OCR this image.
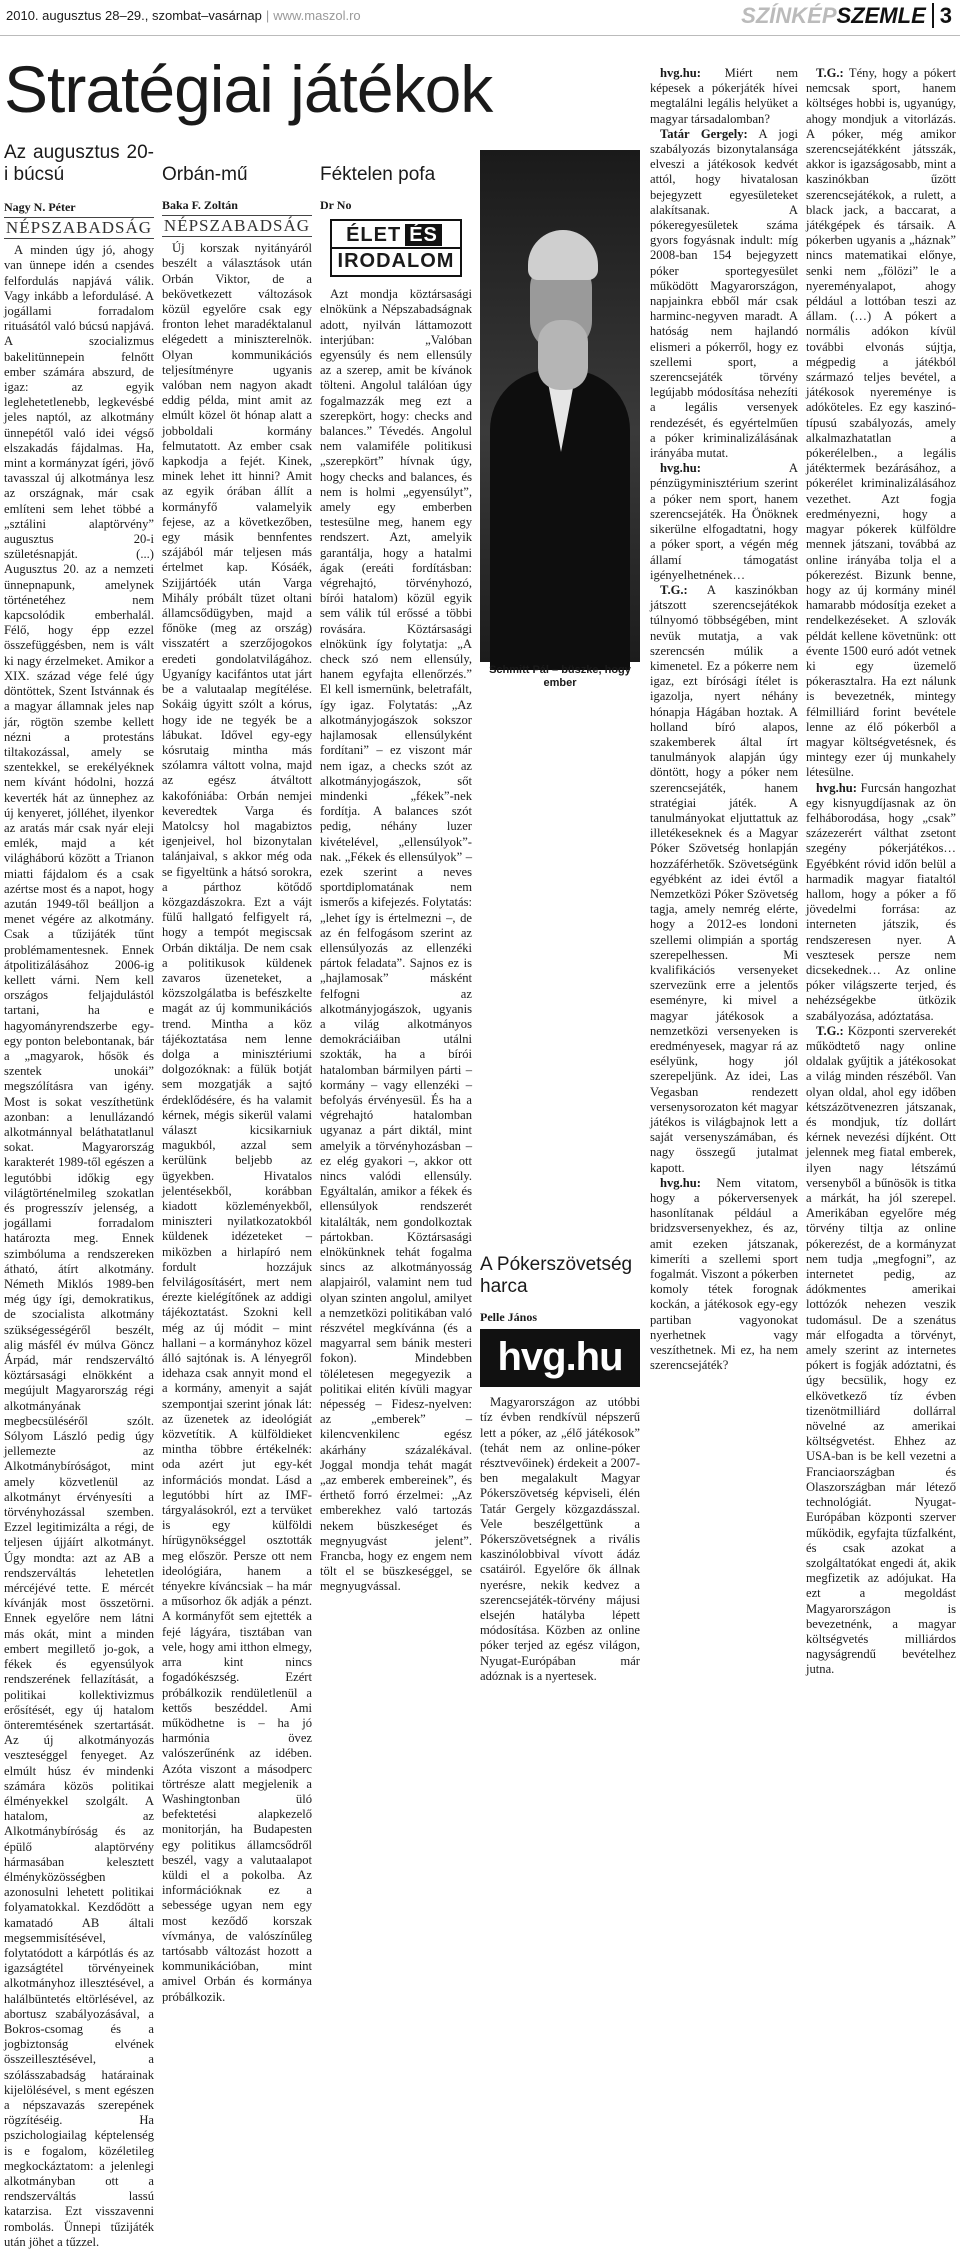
2010. augusztus 28–29., szombat–vasárnap | www.maszol.ro	SZÍNKÉPSZEMLE 3
Stratégiai játékok
Az augusztus 20-i búcsú
Nagy N. Péter
NÉPSZABADSÁG

A minden úgy jó, ahogy van ünnepe idén a csendes felfordulás napjává válik. Vagy inkább a lefordulásé. A jogállami forradalom rituásától való búcsú napjává. A szocializmus bakelitünnepein felnőtt ember számára abszurd, de igaz: az egyik leglehetetlenebb, legkevésbé jeles naptól, az alkotmány ünnepétől való idei végső elszakadás fájdalmas. Ha, mint a kormányzat ígéri, jövő tavasszal új alkotmánya lesz az országnak, már csak említeni sem lehet többé a „sztálini alaptörvény” augusztus 20-i születésnapját. (...) Augusztus 20. az a nemzeti ünnepnapunk, amelynek történetéhez nem kapcsolódik emberhalál. Félő, hogy épp ezzel összefüggésben, nem is vált ki nagy érzelmeket. Amikor a XIX. század vége felé úgy döntöttek, Szent Istvánnak és a magyar államnak jeles nap jár, rögtön szembe kellett nézni a protestáns tiltakozással, amely se szentekkel, se erekélyéknek nem kívánt hódolni, hozzá keverték hát az ünnephez az új kenyeret, jólléhet, ilyenkor az aratás már csak nyár eleji emlék, majd a két világháború között a Trianon miatti fájdalom és a csak azértse most és a napot, hogy azután 1949-től beálljon a menet végére az alkotmány. Csak a tűzijáték tűnt problémamentesnek. Ennek átpolitizálásához 2006-ig kellett várni. Nem kell országos feljajdulástól tartani, ha e hagyományrendszerbe egy-egy ponton belebontanak, bár a „magyarok, hősök és szentek unokái” megszólításra van igény. Most is sokat veszíthetünk azonban: a lenullázandó alkotmánnyal beláthatatlanul sokat. Magyarország karakterét 1989-től egészen a legutóbbi időkig egy világtörténelmileg szokatlan és progresszív jelenség, a jogállami forradalom határozta meg. Ennek szimbóluma a rendszereken átható, átírt alkotmány. Németh Miklós 1989-ben még úgy ígi, demokratikus, de szocialista alkotmány szükségességéről beszélt, alig másfél év múlva Göncz Árpád, már rendszerváltó köztársasági elnökként a megújult Magyarország régi alkotmányának megbecsüléséről szólt. Sólyom László pedig úgy jellemezte az Alkotmánybíróságot, mint amely közvetlenül az alkotmányt érvényesíti a törvényhozással szemben. Ezzel legitimizálta a régi, de teljesen újjáírt alkotmányt. Úgy mondta: azt az AB a rendszerváltás lehetetlen mércéjévé tette. E mércét kívánják most összetörni. Ennek egyelőre nem látni más okát, mint a minden embert megillető jo-gok, a fékek és egyensúlyok rendszerének fellazítását, a politikai kollektivizmus erősítését, egy új hatalom önteremtésének szertartását. Az új alkotmányozás veszteséggel fenyeget. Az elmúlt húsz év mindenki számára közös politikai élményekkel szolgált. A hatalom, az Alkotmánybíróság és az épülő alaptörvény hármasában kelesztett élményközösségben azonosulni lehetett politikai folyamatokkal. Kezdődött a kamatadó AB általi megsemmisítésével, folytatódott a kárpótlás és az igazságtétel törvényeinek alkotmányhoz illesztésével, a halálbüntetés eltörlésével, az abortusz szabályozásával, a Bokros-csomag és a jogbiztonság elvének összeillesztésével, a szólásszabadság határainak kijelölésével, s ment egészen a népszavazás szerepének rögzítéséig. Ha pszichologiailag képtelenség is e fogalom, közéletileg megkockáztatom: a jelenlegi alkotmányban ott a rendszerváltás lassú katarzisa. Ezt visszavenni rombolás. Ünnepi tűzijáték után jöhet a tűzzel.

Orbán-mű
Baka F. Zoltán
NÉPSZABADSÁG

Új korszak nyitányáról beszélt a választások után Orbán Viktor, de a bekövetkezett változások közül egyelőre csak egy fronton lehet maradéktalanul elégedett a miniszterelnök. Olyan kommunikációs teljesítményre ugyanis valóban nem nagyon akadt eddig példa, mint amit az elmúlt közel öt hónap alatt a jobboldali kormány felmutatott. Az ember csak kapkodja a fejét. Kinek, minek lehet itt hinni? Amit az egyik órában állít a kormányfő valamelyik fejese, az a következőben, egy másik bennfentes szájából már teljesen más értelmet kap. Kósáék, Szijjártóék után Varga Mihály próbált tüzet oltani államcsődügyben, majd a főnöke (meg az ország) visszatért a szerzőjogokos eredeti gondolatvilágához. Ugyanígy kacifántos utat járt be a valutaalap megítélése. Sokáig úgyitt szólt a kórus, hogy ide ne tegyék be a lábukat. Idővel egy-egy kósrutaig mintha más szólamra váltott volna, majd az egész átváltott kakofóniába: Orbán nemjei keveredtek Varga és Matolcsy hol magabiztos igenjeivel, hol bizonytalan talánjaival, s akkor még oda se figyeltünk a hátsó sorokra, a párthoz kötődő közgazdászokra. Ezt a vájt fülű hallgató felfigyelt rá, hogy a tempót megiscsak Orbán diktálja. De nem csak a politikusok küldenek zavaros üzeneteket, a közszolgálatba is befészkelte magát az új kommunikációs trend. Minthа a köz tájékoztatása nem lenne dolga a minisztériumi dolgozóknak: a fülük botját sem mozgatják a sajtó érdeklődésére, és ha valamit kérnek, mégis sikerül valami választ kicsikarniuk magukból, azzal sem kerülünk beljebb az ügyekben. Hivatalos jelentésekből, korábban kiadott közleményekből, miniszteri nyilatkozatokból küldenek idézeteket – miközben a hirlapíró nem fordult hozzájuk felvilágosításért, mert nem érezte kielégítőnek az addigi tájékoztatást. Szokni kell még az új módit – mint hallani – a kormányhoz közel álló sajtónak is. A lényegről idehaza csak annyit mond el a kormány, amenyit a saját szempontjai szerint jónak lát: az üzenetek az ideológiát közvetítik. A külföldieket mintha többre értékelnék: oda azért jut egy-két információs mondat. Lásd a legutóbbi hírt az IMF-tárgyalásokról, ezt a tervüket is egy külföldi hírügynökséggel osztották meg először. Persze ott nem ideológiára, hanem a tényekre kíváncsiak – ha már a műsorhoz ők adják a pénzt. A kormányfőt sem ejtették a fejé lágyára, tisztában van vele, hogy ami itthon elmegy, arra kint nincs fogadókészség. Ezért próbálkozik rendületlenül a kettős beszéddel. Ami működhetne is – ha jó harmónia övez valószerűnénk az idében. Azóta viszont a másodperc törtrésze alatt megjelenik a Washingtonban üló befektetési alapkezelő monitorján, ha Budapesten egy politikus államcsődről beszél, vagy a valutaalapot küldi el a pokolba. Az információknak ez a sebessége ugyan nem egy most keződő korszak vívmánya, de valószínűleg tartósabb változást hozott a kommunikációban, mint amivel Orbán és kormánya próbálkozik.

Féktelen pofa
Dr No
ÉLET ÉS
IRODALOM

Azt mondja köztársasági elnökünk a Népszabadságnak adott, nyilván láttamozott interjúban: „Valóban egyensúly és nem ellensúly az a szerep, amit be kívánok tölteni. Angolul találóan úgy fogalmazzák meg ezt a szerepkört, hogy: checks and balances.” Tévedés. Angolul nem valamiféle politikusi „szerepkört” hívnak úgy, hogy checks and balances, és nem is holmi „egyensúlyt”, amely egy emberben testesülne meg, hanem egy rendszert. Azt, amelyik garantálja, hogy a hatalmi ágak (ereáti fordításban: végrehajtó, törvényhozó, bírói hatalom) közül egyik sem válik túl erőssé a többi rovására. Köztársasági elnökünk így folytatja: „A check szó nem ellensúly, hanem egyfajta ellenőrzés.” El kell ismernünk, beletrafált, így igaz. Folytatás: „Az alkotmányjogászok sokszor hajlamosak ellensúlyként fordítani” – ez viszont már nem igaz, a checks szót az alkotmányjogászok, sőt mindenki „fékek”-nek fordítja. A balances szót pedig, néhány luzer kivételével, „ellensúlyok”-nak. „Fékek és ellensúlyok” – ezek szerint a neves sportdiplomatának nem ismerős a kifejezés. Folytatás: „lehet így is értelmezni –, de az én felfogásom szerint az ellensúlyozás az ellenzéki pártok feladata”. Sajnos ez is „hajlamosak” másként felfogni az alkotmányjogászok, ugyanis a világ alkotmányos demokráciáiban utálni szokták, ha a bírói hatalomban bármilyen párti – kormány – vagy ellenzéki – befolyás érvényesül. És ha a végrehajtó hatalomban ugyanaz a párt diktál, mint amelyik a törvényhozásban – ez elég gyakori –, akkor ott nincs valódi ellensúly. Egyáltalán, amikor a fékek és ellensúlyok rendszerét kitalálták, nem gondolkoztak pártokban. Köztársasági elnökünknek tehát fogalma sincs az alkotmányosság alapjairól, valamint nem tud olyan szinten angolul, amilyet a nemzetközi politikában való részvétel megkívánna (és a magyarral sem bánik mesteri fokon). Mindebben töléletesen megegyezik a politikai elitén kívüli magyar népesség – Fidesz-nyelven: az „emberek” – kilencvenkilenc egész akárhány százalékával. Joggal mondja tehát magát „az emberek embereinek”, és érthető forró érzelmei: „Az emberekhez való tartozás nekem büszkeséget és megnyugvást jelent”. Francba, hogy ez engem nem tölt el se büszkeséggel, se megnyugvással.

Schmitt Pál – büszke, hogy ember

A Pókerszövetség harca
Pelle János
hvg.hu

Magyarországon az utóbbi tíz évben rendkívül népszerű lett a póker, az „élő játékosok” (tehát nem az online-póker résztvevőinek) érdekeit a 2007-ben megalakult Magyar Pókerszövetség képviseli, élén Tatár Gergely közgazdásszal. Vele beszélgettünk a Pókerszövetségnek a rivális kaszinólobbival vívott ádáz csatáiról. Egyelőre ők állnak nyerésre, nekik kedvez a szerencsejáték-törvény májusi elsején hatályba lépett módosítása. Közben az online póker terjed az egész világon, Nyugat-Európában már adóznak is a nyertesek.

hvg.hu: Miért nem képesek a pókerjáték hívei megtalálni legális helyüket a magyar társadalomban?

Tatár Gergely: A jogi szabályozás bizonytalansága elveszi a játékosok kedvét attól, hogy hivatalosan bejegyzett egyesületeket alakítsanak. A pókeregyesületek száma gyors fogyásnak indult: míg 2008-ban 154 bejegyzett póker sportegyesület működött Magyarországon, napjainkra ebből már csak harminc-negyven maradt. A hatóság nem hajlandó elismeri a pókerről, hogy ez szellemi sport, a szerencsejáték törvény legújabb módosítása nehezíti a legális versenyek rendezését, és egyértelműen a póker kriminalizálásának irányába mutat.

hvg.hu:	A pénzügyminisztérium szerint a póker nem sport, hanem szerencsejáték. Ha Önöknek sikerülne elfogadtatni, hogy a póker sport, a végén még államí támogatást igényelhetnének…

T.G.: A kaszinókban játszott szerencsejátékok túlnyomó többségében, mint nevük mutatja, a vak szerencsén múlik a kimenetel. Ez a pókerre nem igaz, ezt bírósági ítélet is igazolja, nyert néhány hónapja Hágában hoztak. A holland bíró alapos, szakemberek által írt tanulmányok alapján úgy döntött, hogy a póker nem szerencsejáték, hanem stratégiai játék. A tanulmányokat eljuttattuk az illetékeseknek és a Magyar Póker Szövetség honlapján hozzáférhetők. Szövetségünk egyébként az idei évtől a Nemzetközi Póker Szövetség tagja, amely nemrég elérte, hogy a 2012-es londoni szellemi olimpián a sportág szerepelhessen. Mi kvalifikációs versenyeket szervezünk erre a jelentős eseményre, ki mivel a magyar játékosok a nemzetközi versenyeken is eredményesek, magyar rá az esélyünk, hogy jól szerepeljünk. Az idei, Las Vegasban rendezett versenysorozaton két magyar játékos is világbajnok lett a saját versenyszámában, és nagy összegű jutalmat kapott.

hvg.hu: Nem vitatom, hogy a pókerversenyek hasonlítanak például a bridzsversenyekhez, és az, amit ezeken játszanak, kimeríti a szellemi sport fogalmát. Viszont a pókerben komoly tétek forognak kockán, a játékosok egy-egy partiban vagyonokat nyerhetnek vagy veszíthetnek. Mi ez, ha nem szerencsejáték?

T.G.: Tény, hogy a pókert nemcsak sport, hanem költséges hobbi is, ugyanúgy, ahogy mondjuk a vitorlázás. A póker, még amikor szerencsejátékként játsszák, akkor is igazságosabb, mint a kaszinókban űzött szerencsejátékok, a rulett, a black jack, a baccarat, a játékgépek és társaik. A pókerben ugyanis a „háznak” nincs matematikai előnye, senki nem „fölözi” le a nyereményalapot, ahogy például a lottóban teszi az állam. (…) A pókert a normális adókon kívül további elvonás sújtja, mégpedig a játékból származó teljes bevétel, a játékosok nyereménye is adóköteles. Ez egy kaszinó-típusú szabályozás, amely alkalmazhatatlan a pókerélelben., a legális játéktermek bezárásához, a pókerélet kriminalizálásához vezethet. Azt fogja eredményezni, hogy a magyar pókerek külföldre mennek játszani, továbbá az online irányába tolja el a pókerezést. Bizunk benne, hogy az új kormány minél hamarabb módosítja ezeket a rendelkezéseket. A szlovák példát kellene követnünk: ott évente 1500 euró adót vetnek ki egy üzemelő pókerasztalra. Ha ezt nálunk is bevezetnék, mintegy félmilliárd forint bevétele lenne az élő pókerből a magyar költségvetésnek, és mintegy ezer új munkahely létesülne.

hvg.hu: Furcsán hangozhat egy kisnyugdíjasnak az ön felháborodása, hogy „csak” százezerért válthat zsetont szegény pókerjátékos… Egyébként róvid időn belül a harmadik magyar fiataltól hallom, hogy a póker a fő jövedelmi forrása: az interneten játszik, és rendszeresen nyer. A vesztesek persze nem dicsekednek… Az online póker világszerte terjed, és nehézségekbe ütközik szabályozása, adóztatása.

T.G.: Központi szerverekét működtető nagy online oldalak gyűjtik a játékosokat a világ minden részéből. Van olyan oldal, ahol egy időben kétszázötvenezren játszanak, és mondjuk, tíz dollárt kérnek nevezési díjként. Ott jelennek meg fiatal emberek, ilyen nagy létszámú versenyből a bűnösök is titka a márkát, ha jól szerepel. Amerikában egyelőre még törvény tiltja az online pókerezést, de a kormányzat nem tudja „megfogni”, az internetet pedig, az ádókmentes amerikai lottózók nehezen veszik tudomásul. De a szenátus már elfogadta a törvényt, amely szerint az internetes pókert is fogják adóztatni, és úgy becsülik, hogy ez elkövetkező tíz évben tizenötmilliárd dollárral növelné az amerikai költségvetést. Ehhez az USA-ban is be kell vezetni a Franciaországban és Olaszországban már létező technológiát. Nyugat-Európában központi szerver működik, egyfajta tűzfalként, és csak azokat a szolgáltatókat engedi át, akik megfizetik az adójukat. Ha ezt a megoldást Magyarországon is bevezetnénk, a magyar költségvetés milliárdos nagyságrendű bevételhez jutna.
